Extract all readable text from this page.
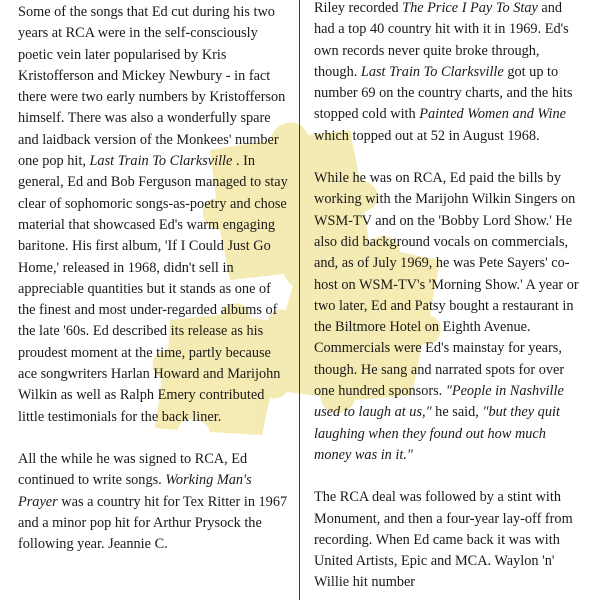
Some of the songs that Ed cut during his two years at RCA were in the self-consciously poetic vein later popularised by Kris Kristofferson and Mickey Newbury - in fact there were two early numbers by Kristofferson himself. There was also a wonderfully spare and laidback version of the Monkees' number one pop hit, Last Train To Clarksville . In general, Ed and Bob Ferguson managed to stay clear of sophomoric songs-as-poetry and chose material that showcased Ed's warm engaging baritone. His first album, 'If I Could Just Go Home,' released in 1968, didn't sell in appreciable quantities but it stands as one of the finest and most under-regarded albums of the late '60s. Ed described its release as his proudest moment at the time, partly because ace songwriters Harlan Howard and Marijohn Wilkin as well as Ralph Emery contributed little testimonials for the back liner.

All the while he was signed to RCA, Ed continued to write songs. Working Man's Prayer was a country hit for Tex Ritter in 1967 and a minor pop hit for Arthur Prysock the following year. Jeannie C.

Riley recorded The Price I Pay To Stay and had a top 40 country hit with it in 1969. Ed's own records never quite broke through, though. Last Train To Clarksville got up to number 69 on the country charts, and the hits stopped cold with Painted Women and Wine which topped out at 52 in August 1968.

While he was on RCA, Ed paid the bills by working with the Marijohn Wilkin Singers on WSM-TV and on the 'Bobby Lord Show.' He also did background vocals on commercials, and, as of July 1969, he was Pete Sayers' co-host on WSM-TV's 'Morning Show.' A year or two later, Ed and Patsy bought a restaurant in the Biltmore Hotel on Eighth Avenue. Commercials were Ed's mainstay for years, though. He sang and narrated spots for over one hundred sponsors. "People in Nashville used to laugh at us," he said, "but they quit laughing when they found out how much money was in it."

The RCA deal was followed by a stint with Monument, and then a four-year lay-off from recording. When Ed came back it was with United Artists, Epic and MCA. Waylon 'n' Willie hit number
